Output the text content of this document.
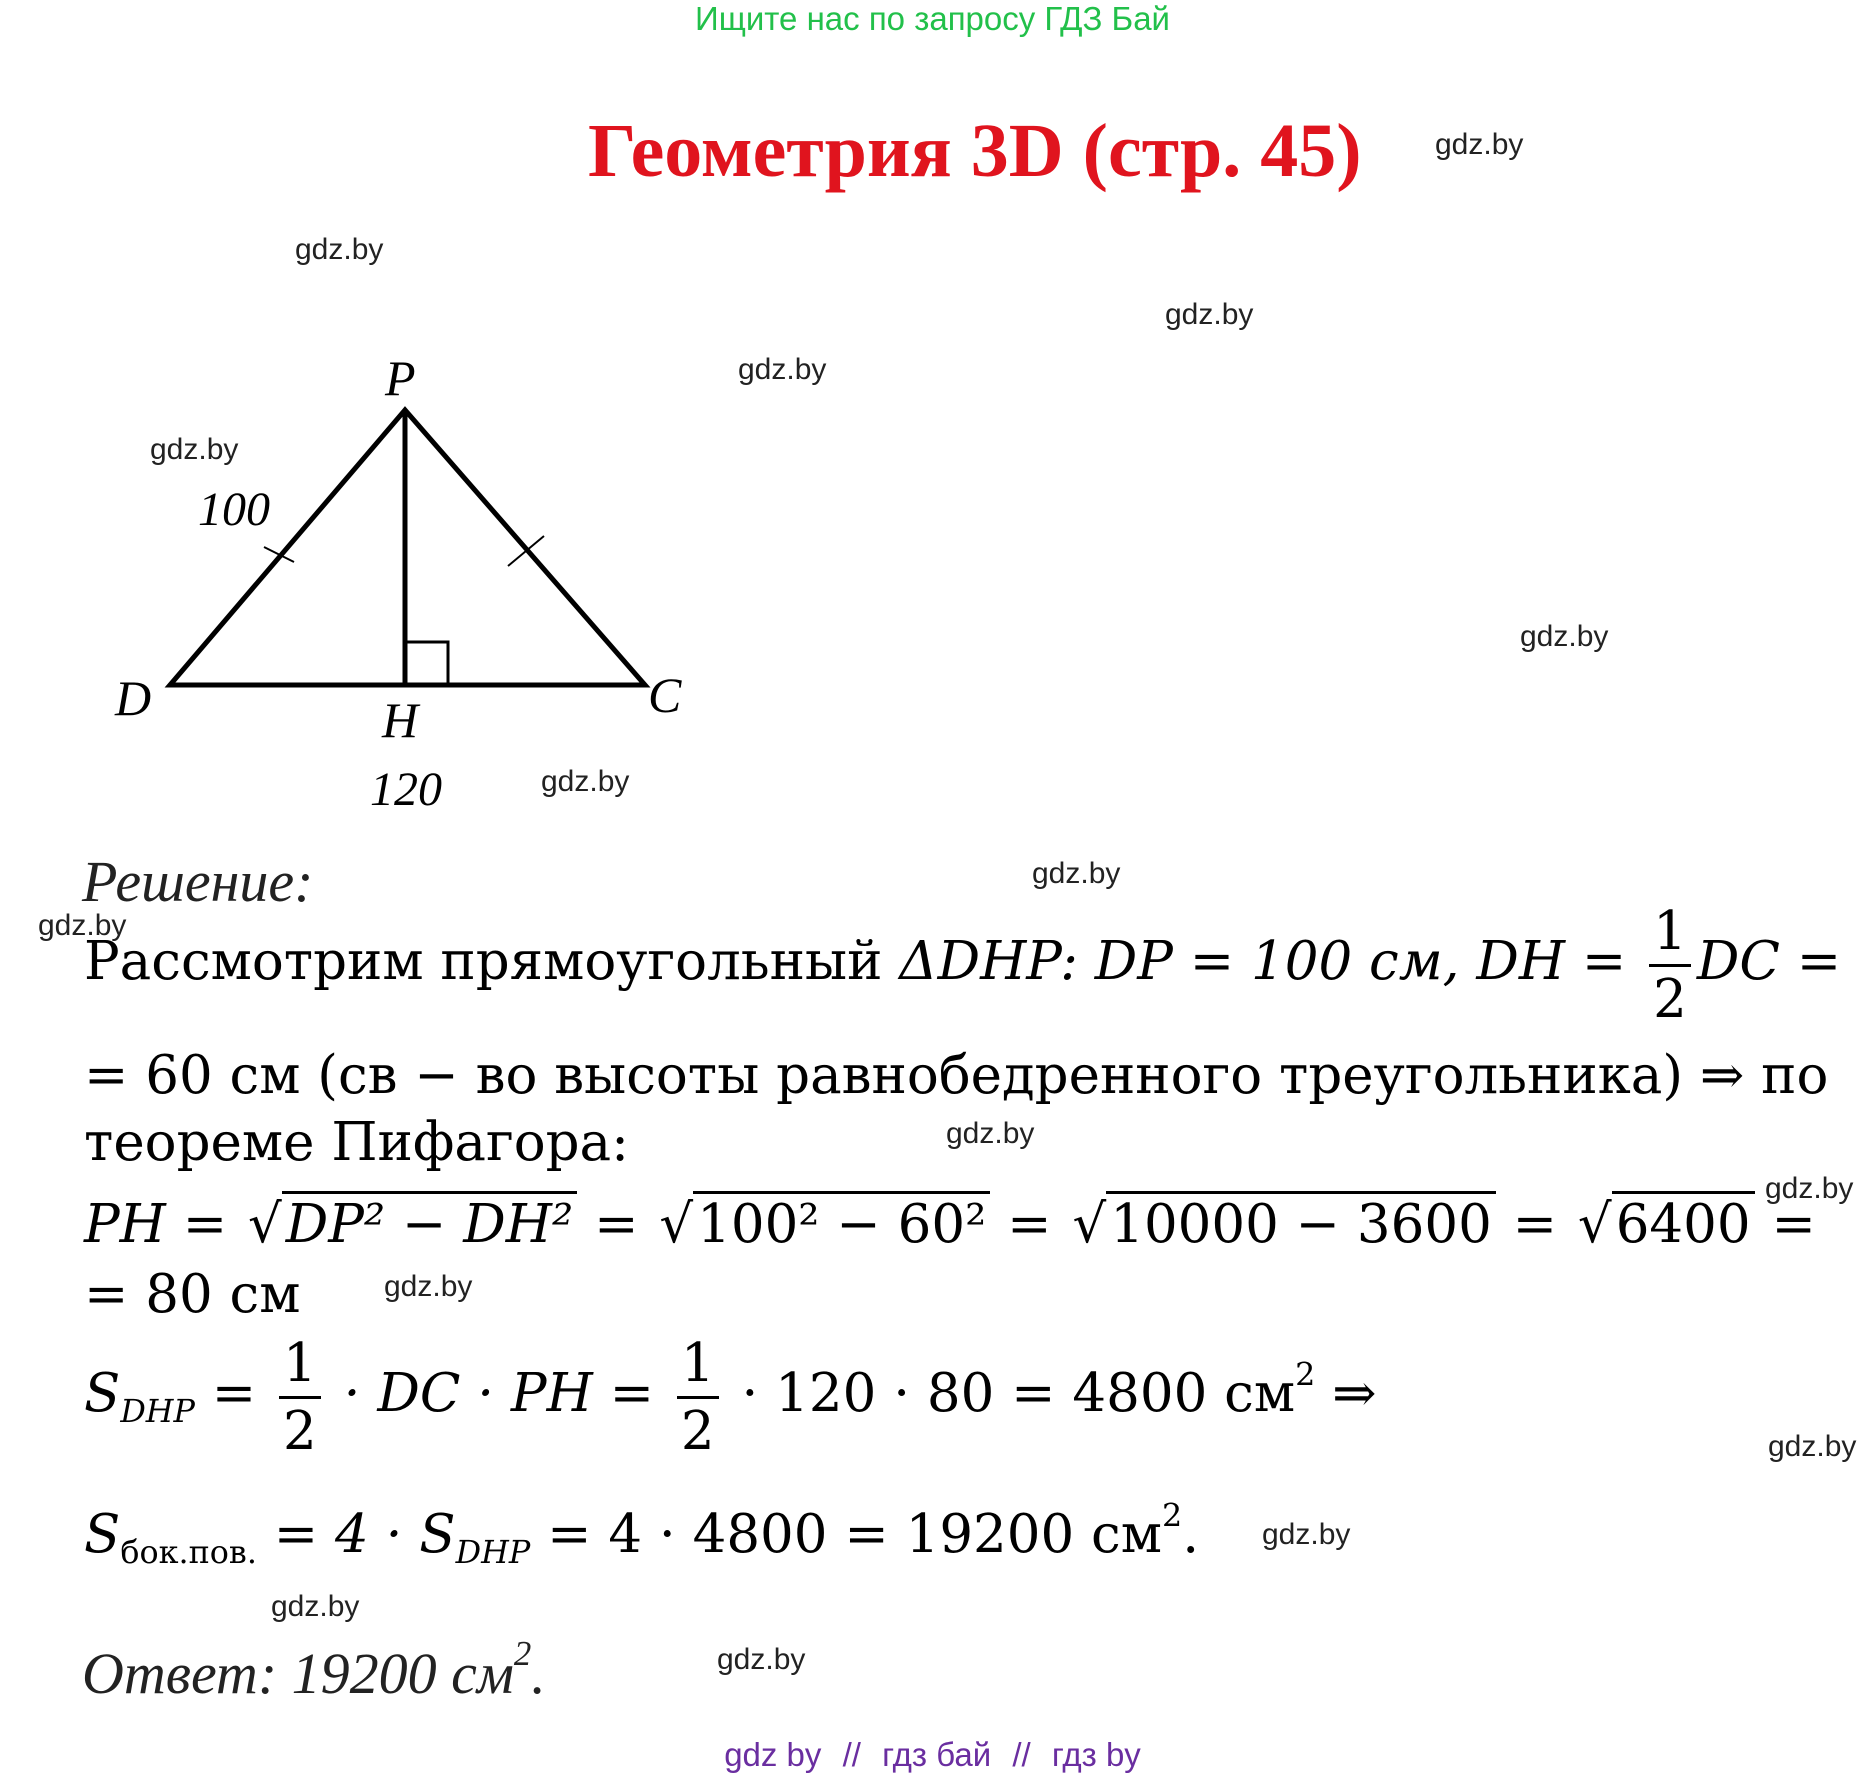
Ищите нас по запросу ГДЗ Бай
Геометрия 3D (стр. 45) gdz.by
gdz.by
gdz.by
gdz.by
gdz.by
gdz.by
gdz.by
gdz.by
gdz.by
gdz.by
gdz.by
gdz.by
gdz.by
gdz.by
gdz.by
gdz.by
P
D	C
H
100
120
Решение:
Рассмотрим прямоугольный ΔDHP: DP = 100 см, DH = $\frac{1}{2}$ DC =
= 60 см (св − во высоты равнобедренного треугольника) ⇒ по
теореме Пифагора:
PH = √DP² − DH² = √100² − 60² = √10000 − 3600 = √6400 =
= 80 см
$S_{DHP} = \frac{1}{2}$ · DC · PH = $\frac{1}{2} \cdot 120 \cdot 80 = 4800$ $см^2$ ⇒
$S_{бок.пов.} = 4 \cdot S_{DHP} = 4 \cdot 4800 = 19200$ $см^2$.
Ответ: 19200 $см^2$.
gdz by // гдз бай // гдз by
